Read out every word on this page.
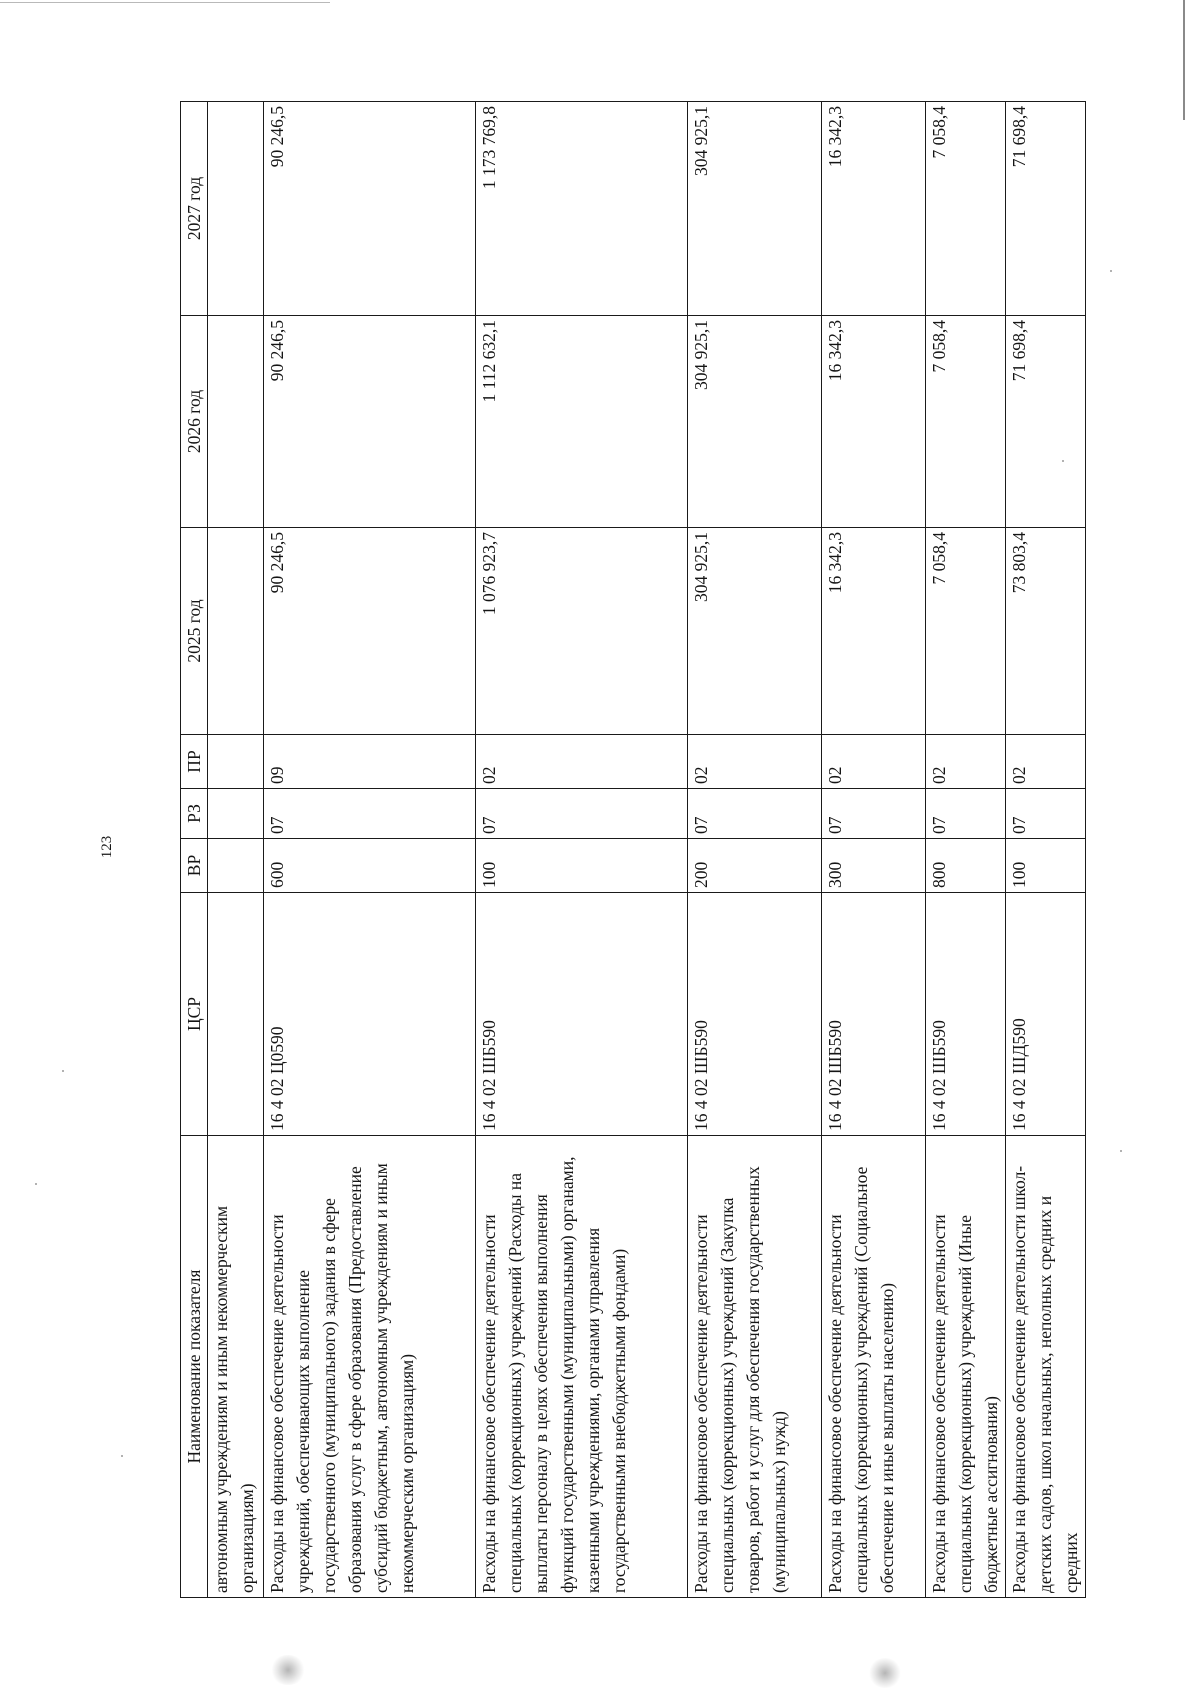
123
Наименование показателя	ЦСР	ВР	РЗ	ПР	2025 год	2026 год	2027 год
автономным учреждениям и иным некоммерческим организациям)							
Расходы на финансовое обеспечение деятельности учреждений, обеспечивающих выполнение государственного (муниципального) задания в сфере образования услуг в сфере образования (Предоставление субсидий бюджетным, автономным учреждениям и иным некоммерческим организациям)	16 4 02 Ц0590	600	07	09	90 246,5	90 246,5	90 246,5
Расходы на финансовое обеспечение деятельности специальных (коррекционных) учреждений (Расходы на выплаты персоналу в целях обеспечения выполнения функций государственными (муниципальными) органами, казенными учреждениями, органами управления государственными внебюджетными фондами)	16 4 02 ШБ590	100	07	02	1 076 923,7	1 112 632,1	1 173 769,8
Расходы на финансовое обеспечение деятельности специальных (коррекционных) учреждений (Закупка товаров, работ и услуг для обеспечения государственных (муниципальных) нужд)	16 4 02 ШБ590	200	07	02	304 925,1	304 925,1	304 925,1
Расходы на финансовое обеспечение деятельности специальных (коррекционных) учреждений (Социальное обеспечение и иные выплаты населению)	16 4 02 ШБ590	300	07	02	16 342,3	16 342,3	16 342,3
Расходы на финансовое обеспечение деятельности специальных (коррекционных) учреждений (Иные бюджетные ассигнования)	16 4 02 ШБ590	800	07	02	7 058,4	7 058,4	7 058,4
Расходы на финансовое обеспечение деятельности школ-детских садов, школ начальных, неполных средних и средних	16 4 02 ШД590	100	07	02	73 803,4	71 698,4	71 698,4
